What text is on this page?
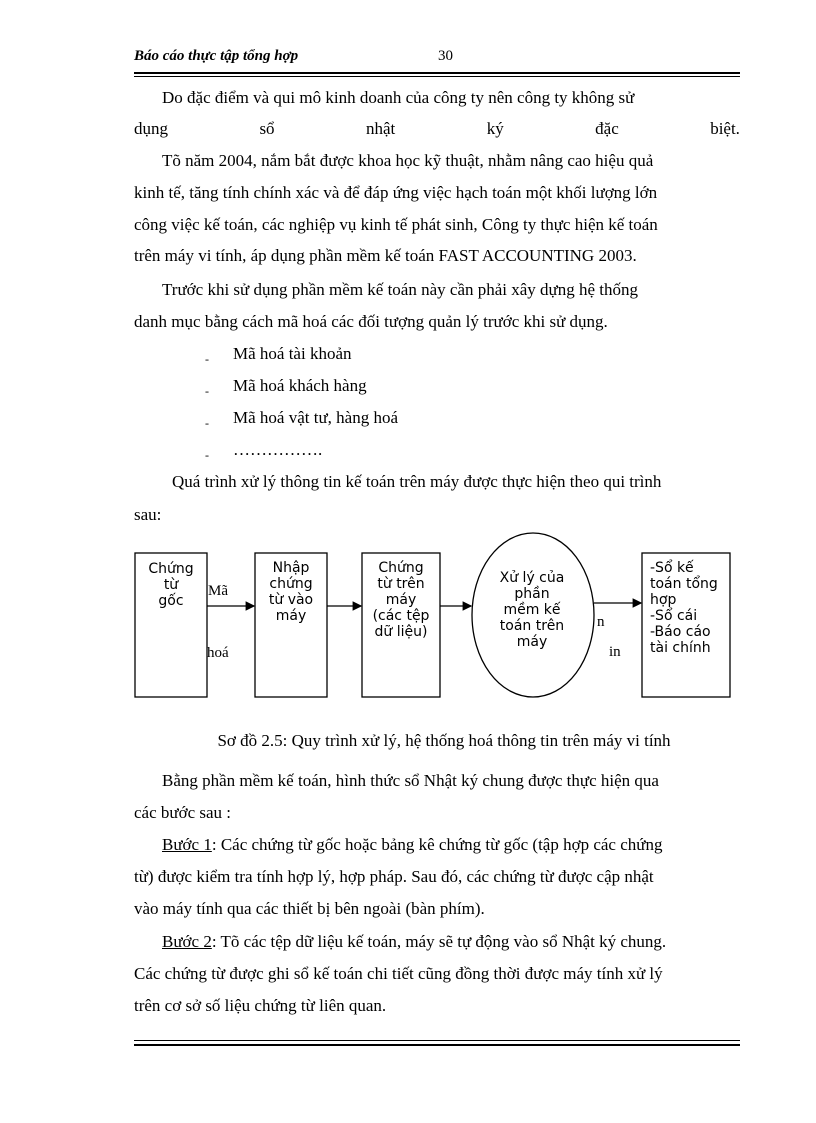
Báo cáo thực tập tổng hợp	30
Do đặc điểm và qui mô kinh doanh của công ty nên công ty không sử
dụng	sổ	nhật	ký	đặc	biệt.
Tõ năm 2004, nắm bắt được khoa học kỹ thuật, nhằm nâng cao hiệu quả
kinh tế, tăng tính chính xác và để đáp ứng việc hạch toán một khối lượng lớn
công việc kế toán, các nghiệp vụ kinh tế phát sinh, Công ty thực hiện kế toán
trên máy vi tính, áp dụng phần mềm kế toán FAST ACCOUNTING 2003.
Trước khi sử dụng phần mềm kế toán này cần phải xây dựng hệ thống
danh mục bằng cách mã hoá các đối tượng quản lý trước khi sử dụng.
- Mã hoá tài khoản
- Mã hoá khách hàng
- Mã hoá vật tư, hàng hoá
- …………….
Quá trình xử lý thông tin kế toán trên máy được thực hiện theo qui trình
sau:
Chứng
từ
gốc
Mã
hoá
Nhập
chứng
từ vào
máy
Chứng
từ trên
máy
(các tệp
dữ liệu)
Xử lý của
phần
mềm kế
toán trên
máy
n
in
-Sổ kế
toán tổng
hợp
-Sổ cái
-Báo cáo
tài chính
Sơ đồ 2.5: Quy trình xử lý, hệ thống hoá thông tin trên máy vi tính
Bằng phần mềm kế toán, hình thức sổ Nhật ký chung được thực hiện qua
các bước sau :
Bước 1: Các chứng từ gốc hoặc bảng kê chứng từ gốc (tập hợp các chứng
từ) được kiểm tra tính hợp lý, hợp pháp. Sau đó, các chứng từ được cập nhật
vào máy tính qua các thiết bị bên ngoài (bàn phím).
Bước 2: Tõ các tệp dữ liệu kế toán, máy sẽ tự động vào sổ Nhật ký chung.
Các chứng từ được ghi sổ kế toán chi tiết cũng đồng thời được máy tính xử lý
trên cơ sở số liệu chứng từ liên quan.
